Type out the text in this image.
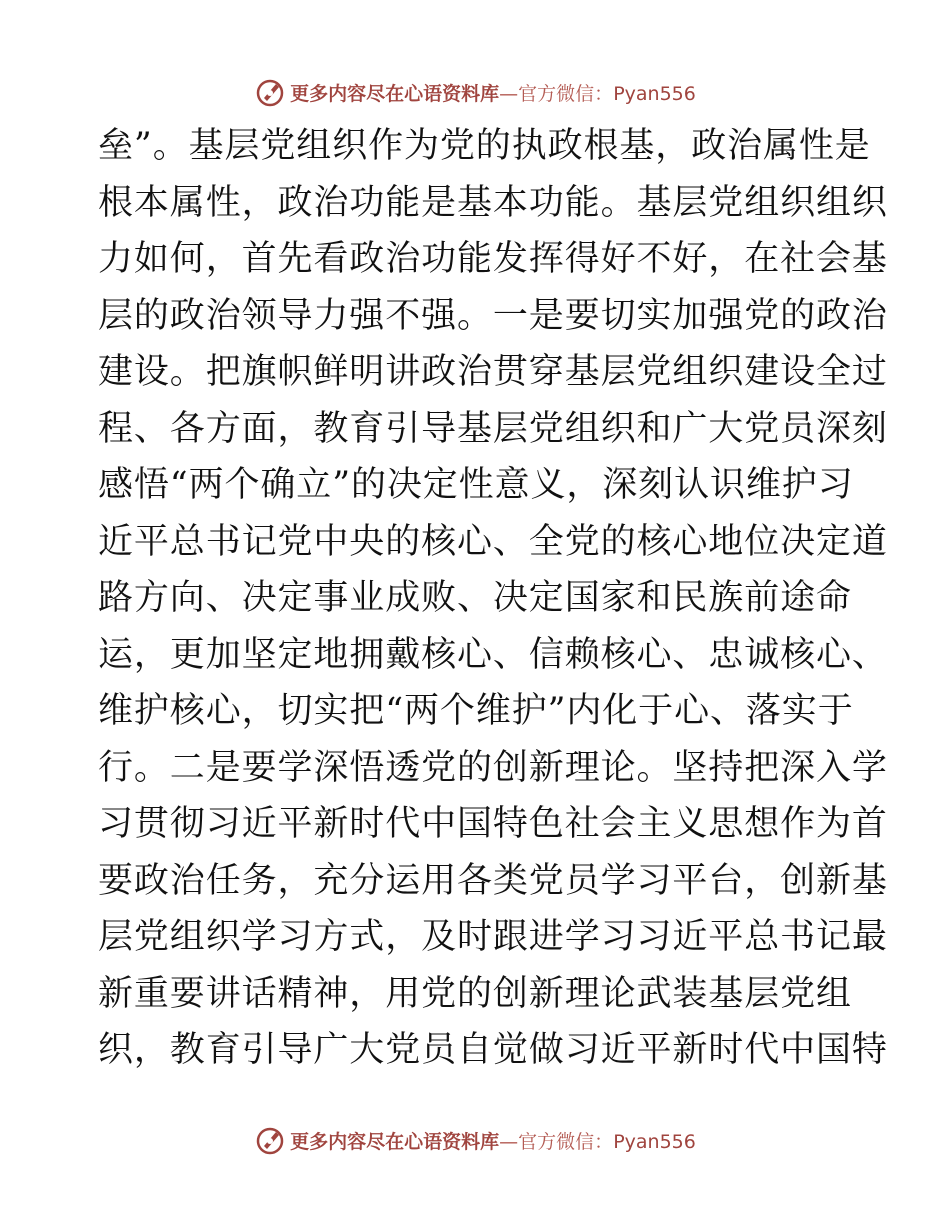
更多内容尽在心语资料库—官方微信：Pyan556
垒”。基层党组织作为党的执政根基，政治属性是
根本属性，政治功能是基本功能。基层党组织组织
力如何，首先看政治功能发挥得好不好，在社会基
层的政治领导力强不强。一是要切实加强党的政治
建设。把旗帜鲜明讲政治贯穿基层党组织建设全过
程、各方面，教育引导基层党组织和广大党员深刻
感悟“两个确立”的决定性意义，深刻认识维护习
近平总书记党中央的核心、全党的核心地位决定道
路方向、决定事业成败、决定国家和民族前途命
运，更加坚定地拥戴核心、信赖核心、忠诚核心、
维护核心，切实把“两个维护”内化于心、落实于
行。二是要学深悟透党的创新理论。坚持把深入学
习贯彻习近平新时代中国特色社会主义思想作为首
要政治任务，充分运用各类党员学习平台，创新基
层党组织学习方式，及时跟进学习习近平总书记最
新重要讲话精神，用党的创新理论武装基层党组
织，教育引导广大党员自觉做习近平新时代中国特
更多内容尽在心语资料库—官方微信：Pyan556
